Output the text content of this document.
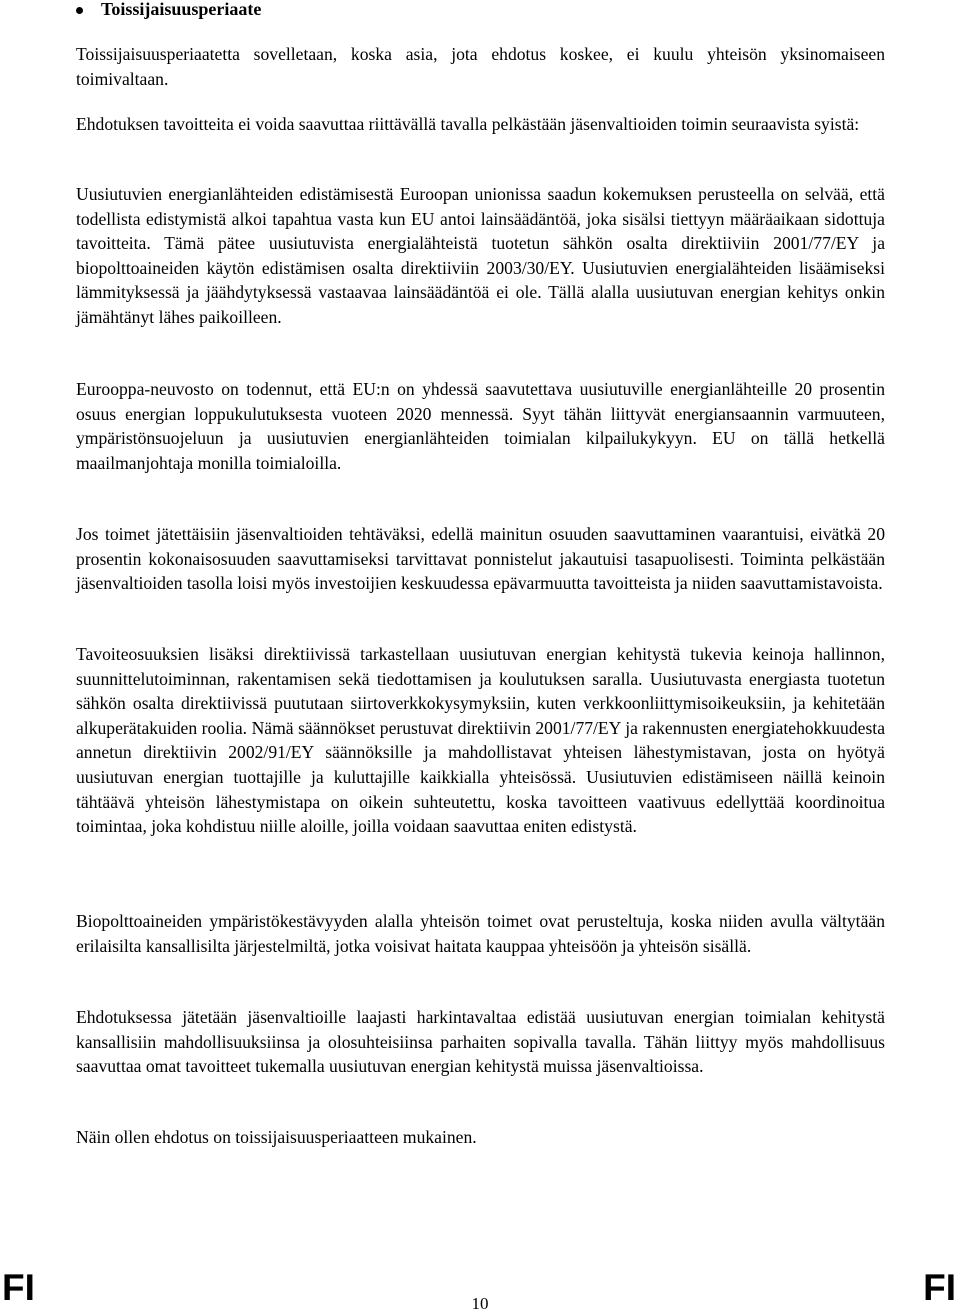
Toissijaisuusperiaate

Toissijaisuusperiaatetta sovelletaan, koska asia, jota ehdotus koskee, ei kuulu yhteisön yksinomaiseen toimivaltaan.

Ehdotuksen tavoitteita ei voida saavuttaa riittävällä tavalla pelkästään jäsenvaltioiden toimin seuraavista syistä:

Uusiutuvien energianlähteiden edistämisestä Euroopan unionissa saadun kokemuksen perusteella on selvää, että todellista edistymistä alkoi tapahtua vasta kun EU antoi lainsäädäntöä, joka sisälsi tiettyyn määräaikaan sidottuja tavoitteita. Tämä pätee uusiutuvista energialähteistä tuotetun sähkön osalta direktiiviin 2001/77/EY ja biopolttoaineiden käytön edistämisen osalta direktiiviin 2003/30/EY. Uusiutuvien energialähteiden lisäämiseksi lämmityksessä ja jäähdytyksessä vastaavaa lainsäädäntöä ei ole. Tällä alalla uusiutuvan energian kehitys onkin jämähtänyt lähes paikoilleen.

Eurooppa-neuvosto on todennut, että EU:n on yhdessä saavutettava uusiutuville energianlähteille 20 prosentin osuus energian loppukulutuksesta vuoteen 2020 mennessä. Syyt tähän liittyvät energiansaannin varmuuteen, ympäristönsuojeluun ja uusiutuvien energianlähteiden toimialan kilpailukykyyn. EU on tällä hetkellä maailmanjohtaja monilla toimialoilla.

Jos toimet jätettäisiin jäsenvaltioiden tehtäväksi, edellä mainitun osuuden saavuttaminen vaarantuisi, eivätkä 20 prosentin kokonaisosuuden saavuttamiseksi tarvittavat ponnistelut jakautuisi tasapuolisesti. Toiminta pelkästään jäsenvaltioiden tasolla loisi myös investoijien keskuudessa epävarmuutta tavoitteista ja niiden saavuttamistavoista.

Tavoiteosuuksien lisäksi direktiivissä tarkastellaan uusiutuvan energian kehitystä tukevia keinoja hallinnon, suunnittelutoiminnan, rakentamisen sekä tiedottamisen ja koulutuksen saralla. Uusiutuvasta energiasta tuotetun sähkön osalta direktiivissä puututaan siirtoverkkokysymyksiin, kuten verkkoonliittymisoikeuksiin, ja kehitetään alkuperätakuiden roolia. Nämä säännökset perustuvat direktiivin 2001/77/EY ja rakennusten energiatehokkuudesta annetun direktiivin 2002/91/EY säännöksille ja mahdollistavat yhteisen lähestymistavan, josta on hyötyä uusiutuvan energian tuottajille ja kuluttajille kaikkialla yhteisössä. Uusiutuvien edistämiseen näillä keinoin tähtäävä yhteisön lähestymistapa on oikein suhteutettu, koska tavoitteen vaativuus edellyttää koordinoitua toimintaa, joka kohdistuu niille aloille, joilla voidaan saavuttaa eniten edistystä.

Biopolttoaineiden ympäristökestävyyden alalla yhteisön toimet ovat perusteltuja, koska niiden avulla vältytään erilaisilta kansallisilta järjestelmiltä, jotka voisivat haitata kauppaa yhteisöön ja yhteisön sisällä.

Ehdotuksessa jätetään jäsenvaltioille laajasti harkintavaltaa edistää uusiutuvan energian toimialan kehitystä kansallisiin mahdollisuuksiinsa ja olosuhteisiinsa parhaiten sopivalla tavalla. Tähän liittyy myös mahdollisuus saavuttaa omat tavoitteet tukemalla uusiutuvan energian kehitystä muissa jäsenvaltioissa.

Näin ollen ehdotus on toissijaisuusperiaatteen mukainen.

FI	10	FI
